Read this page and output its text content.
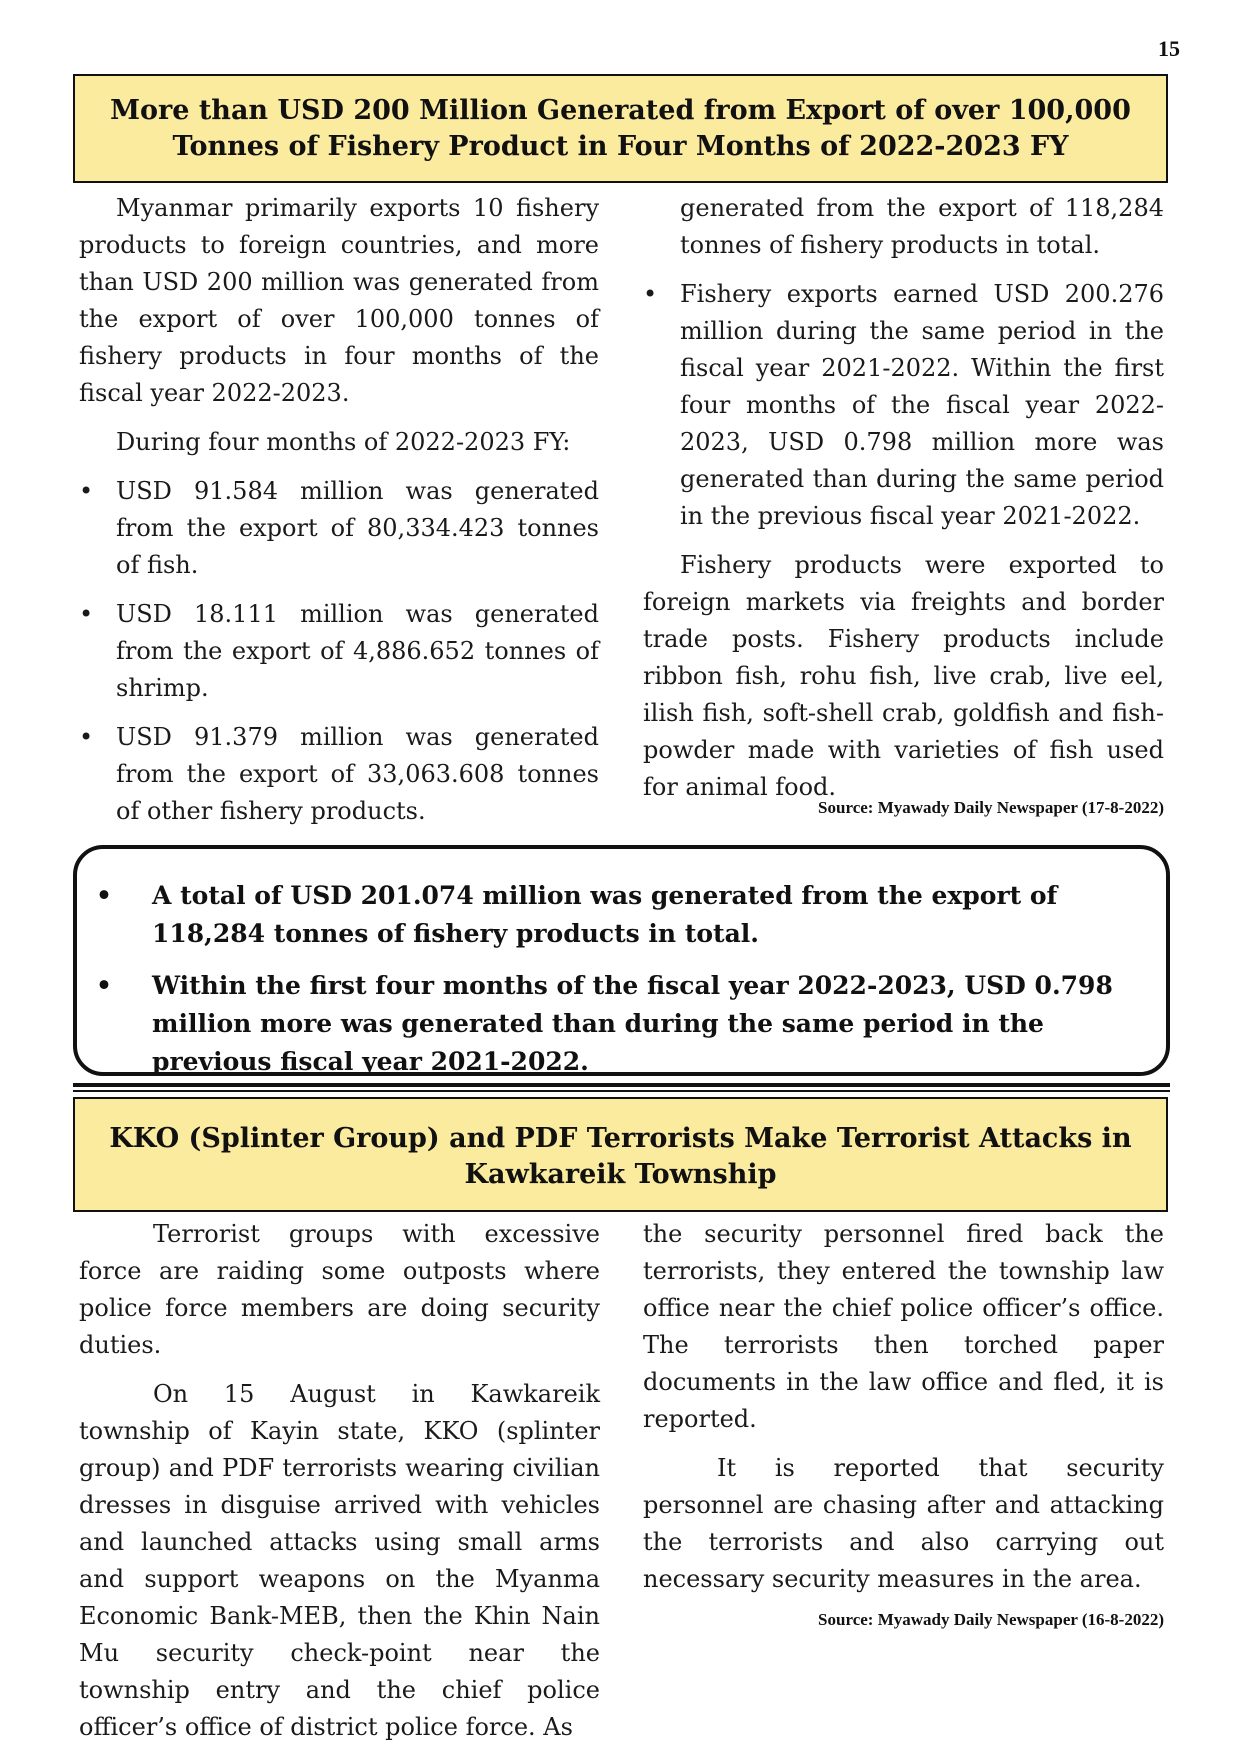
15
More than USD 200 Million Generated from Export of over 100,000 Tonnes of Fishery Product in Four Months of 2022-2023 FY

Myanmar primarily exports 10 fishery products to foreign countries, and more than USD 200 million was generated from the export of over 100,000 tonnes of fishery products in four months of the fiscal year 2022-2023.

During four months of 2022-2023 FY:

• USD 91.584 million was generated from the export of 80,334.423 tonnes of fish.
• USD 18.111 million was generated from the export of 4,886.652 tonnes of shrimp.
• USD 91.379 million was generated from the export of 33,063.608 tonnes of other fishery products.
•

generated from the export of 118,284 tonnes of fishery products in total.

• Fishery exports earned USD 200.276 million during the same period in the fiscal year 2021-2022. Within the first four months of the fiscal year 2022-2023, USD 0.798 million more was generated than during the same period in the previous fiscal year 2021-2022.

Fishery products were exported to foreign markets via freights and border trade posts. Fishery products include ribbon fish, rohu fish, live crab, live eel, ilish fish, soft-shell crab, goldfish and fish-powder made with varieties of fish used for animal food.

Source: Myawady Daily Newspaper (17-8-2022)
• A total of USD 201.074 million was generated from the export of 118,284 tonnes of fishery products in total.
• Within the first four months of the fiscal year 2022-2023, USD 0.798 million more was generated than during the same period in the previous fiscal year 2021-2022.
KKO (Splinter Group) and PDF Terrorists Make Terrorist Attacks in Kawkareik Township

Terrorist groups with excessive force are raiding some outposts where police force members are doing security duties.

On 15 August in Kawkareik township of Kayin state, KKO (splinter group) and PDF terrorists wearing civilian dresses in disguise arrived with vehicles and launched attacks using small arms and support weapons on the Myanma Economic Bank-MEB, then the Khin Nain Mu security check-point near the township entry and the chief police officer’s office of district police force. As

the security personnel fired back the terrorists, they entered the township law office near the chief police officer’s office. The terrorists then torched paper documents in the law office and fled, it is reported.

It is reported that security personnel are chasing after and attacking the terrorists and also carrying out necessary security measures in the area.

Source: Myawady Daily Newspaper (16-8-2022)
